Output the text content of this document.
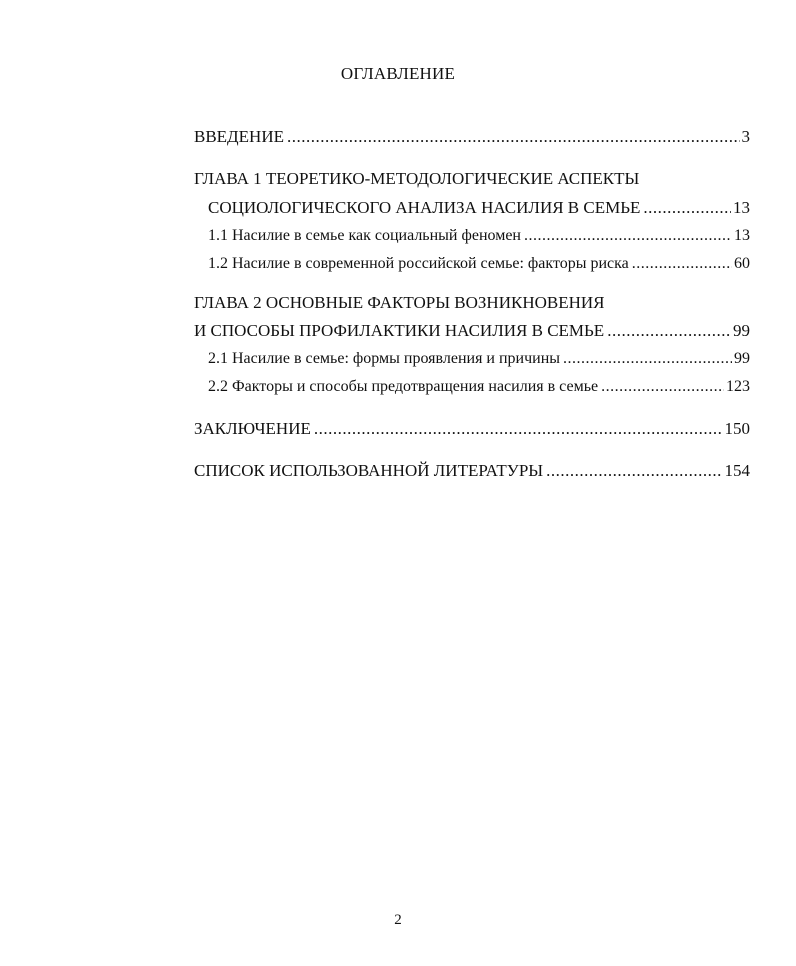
ОГЛАВЛЕНИЕ
ВВЕДЕНИЕ .....	3
ГЛАВА 1 ТЕОРЕТИКО-МЕТОДОЛОГИЧЕСКИЕ АСПЕКТЫ
СОЦИОЛОГИЧЕСКОГО АНАЛИЗА НАСИЛИЯ В СЕМЬЕ .....	13
1.1 Насилие в семье как социальный феномен .....	13
1.2 Насилие в современной российской семье: факторы риска .....	60
ГЛАВА 2 ОСНОВНЫЕ ФАКТОРЫ ВОЗНИКНОВЕНИЯ
И СПОСОБЫ ПРОФИЛАКТИКИ НАСИЛИЯ В СЕМЬЕ .....	99
2.1 Насилие в семье: формы проявления и причины .....	99
2.2 Факторы и способы предотвращения насилия в семье .....	123
ЗАКЛЮЧЕНИЕ .....	150
СПИСОК ИСПОЛЬЗОВАННОЙ ЛИТЕРАТУРЫ .....	154
2
